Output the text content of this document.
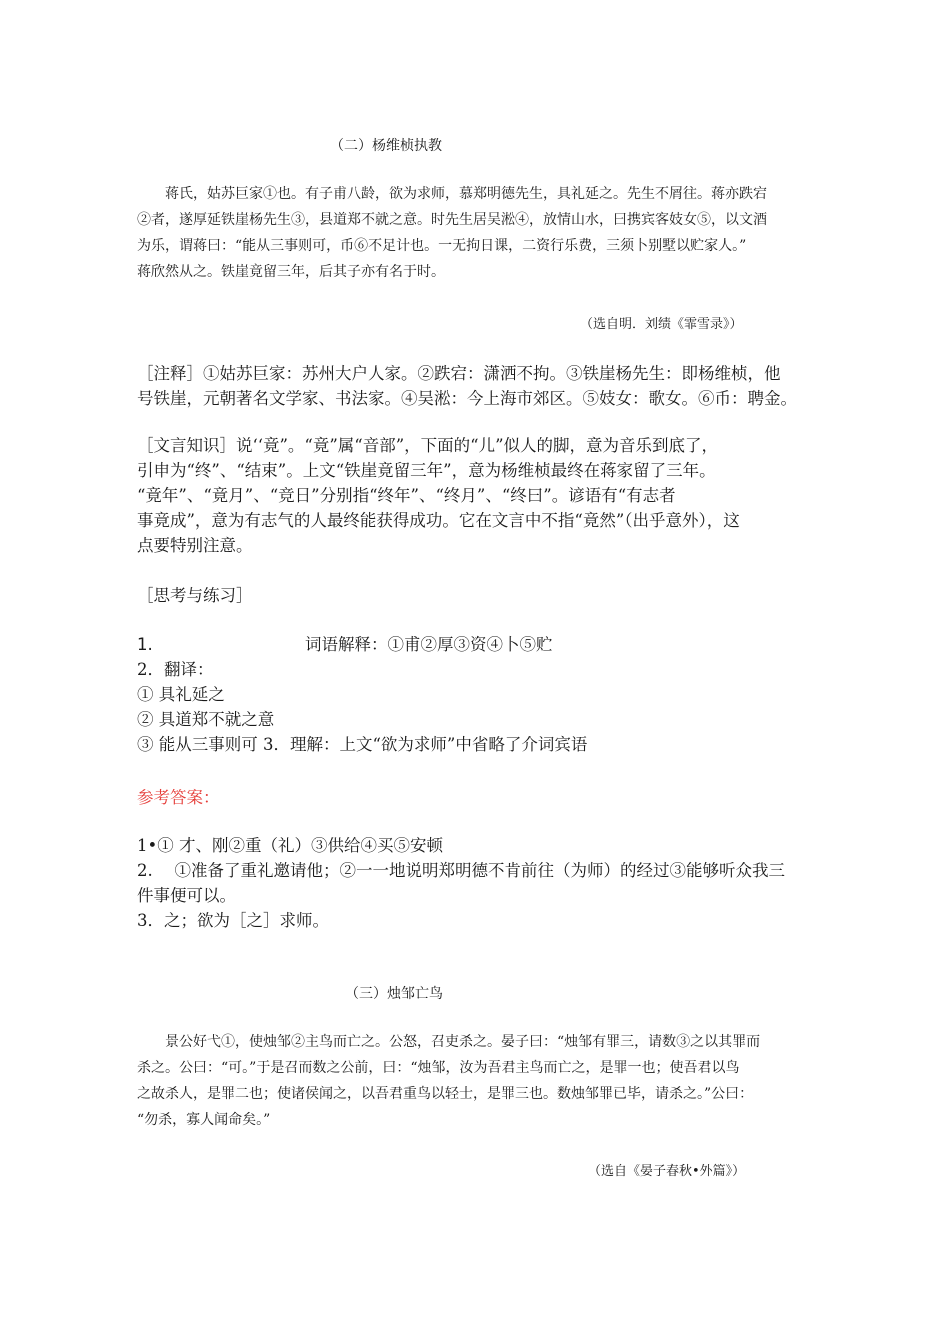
（二）杨维桢执教
　　蒋氏，姑苏巨家①也。有子甫八龄，欲为求师，慕郑明德先生，具礼延之。先生不屑往。蒋亦跌宕
②者，遂厚延铁崖杨先生③，县道郑不就之意。时先生居吴淞④，放情山水，曰携宾客妓女⑤，以文酒
为乐，谓蒋曰：“能从三事则可，币⑥不足计也。一无拘日课，二资行乐费，三须卜别墅以贮家人。”
蒋欣然从之。铁崖竟留三年，后其子亦有名于时。
（选自明．刘绩《霏雪录》）
［注释］①姑苏巨家：苏州大户人家。②跌宕：潇洒不拘。③铁崖杨先生：即杨维桢，他
号铁崖，元朝著名文学家、书法家。④吴淞：今上海市郊区。⑤妓女：歌女。⑥币：聘金。
［文言知识］说‘‘竟”。“竟”属“音部”，下面的“儿”似人的脚，意为音乐到底了，
引申为“终”、“结束”。上文“铁崖竟留三年”，意为杨维桢最终在蒋家留了三年。
“竟年”、“竟月”、“竞日”分别指“终年”、“终月”、“终曰”。谚语有“有志者
事竟成”，意为有志气的人最终能获得成功。它在文言中不指“竟然”（出乎意外），这
点要特别注意。
［思考与练习］
1.	词语解释：①甫②厚③资④卜⑤贮
2．翻译：
① 具礼延之
② 具道郑不就之意
③ 能从三事则可 3．理解：上文“欲为求师”中省略了介词宾语
参考答案：
1•① 才、刚②重（礼）③供给④买⑤安顿
2.　 ①准备了重礼邀请他；②一一地说明郑明德不肯前往（为师）的经过③能够听众我三
件事便可以。
3．之；欲为［之］求师。
（三）烛邹亡鸟
　　景公好弋①，使烛邹②主鸟而亡之。公怒，召吏杀之。晏子曰：“烛邹有罪三，请数③之以其罪而
杀之。公曰：“可。”于是召而数之公前，曰：“烛邹，汝为吾君主鸟而亡之，是罪一也；使吾君以鸟
之故杀人，是罪二也；使诸侯闻之，以吾君重鸟以轻士，是罪三也。数烛邹罪已毕，请杀之。”公曰：
“勿杀，寡人闻命矣。”
（选自《晏子春秋•外篇》）
